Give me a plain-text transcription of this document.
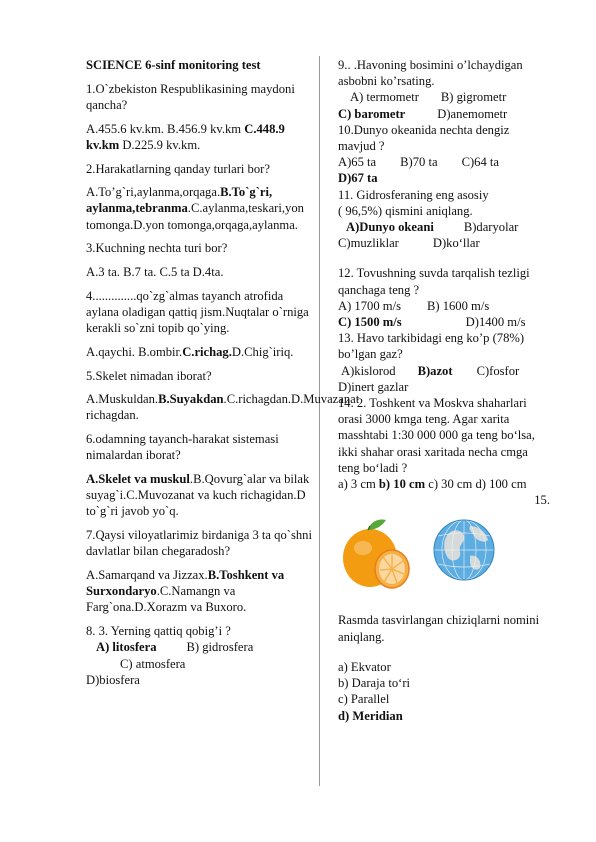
SCIENCE 6-sinf monitoring test

1.O`zbekiston Respublikasining maydoni qancha?

A.455.6 kv.km. B.456.9 kv.km C.448.9 kv.km D.225.9 kv.km.

2.Harakatlarning qanday turlari bor?

A.To’g`ri,aylanma,orqaga.B.To`g`ri, aylanma,tebranma.C.aylanma,teskari,yon tomonga.D.yon tomonga,orqaga,aylanma.

3.Kuchning nechta turi bor?

A.3 ta. B.7 ta. C.5 ta D.4ta.

4..............qo`zg`almas tayanch atrofida aylana oladigan qattiq jism.Nuqtalar o`rniga kerakli so`zni topib qo`ying.

A.qaychi. B.ombir.C.richag.D.Chig`iriq.

5.Skelet nimadan iborat?

A.Muskuldan.B.Suyakdan.C.richagdan.D.Muvazanat richagdan.

6.odamning tayanch-harakat sistemasi nimalardan iborat?

A.Skelet va muskul.B.Qovurg`alar va bilak suyag`i.C.Muvozanat va kuch richagidan.D to`g`ri javob yo`q.

7.Qaysi viloyatlarimiz birdaniga 3 ta qo`shni davlatlar bilan chegaradosh?

A.Samarqand va Jizzax.B.Toshkent va Surxondaryo.C.Namangn va Farg`ona.D.Xorazm va Buxoro.

8. 3. Yerning qattiq qobig’i ?
A) litosfera B) gidrosfera
C) atmosfera
D)biosfera

9.. .Havoning bosimini o’lchaydigan asbobni ko’rsating.

A) termometr B) gigrometr

C) barometr	D)anemometr

10.Dunyo okeanida nechta dengiz mavjud ?

A)65 ta B)70 ta C)64 ta

D)67 ta

11. Gidrosferaning eng asosiy

( 96,5%) qismini aniqlang.

A)Dunyo okeani B)daryolar

C)muzliklar	D)ko‘llar

12. Tovushning suvda tarqalish tezligi qanchaga teng ?

A) 1700 m/s B) 1600 m/s

C) 1500 m/s	D)1400 m/s

13. Havo tarkibidagi eng ko’p (78%) bo’lgan gaz?

A)kislorod B)azot C)fosfor

D)inert gazlar

14. 2. Toshkent va Moskva shaharlari orasi 3000 kmga teng. Agar xarita masshtabi 1:30 000 000 ga teng bo‘lsa, ikki shahar orasi xaritada necha cmga teng bo‘ladi ?

a) 3 cm b) 10 cm c) 30 cm d) 100 cm

15.

Rasmda tasvirlangan chiziqlarni nomini aniqlang.

a) Ekvator

b) Daraja to‘ri

c) Parallel

d) Meridian
